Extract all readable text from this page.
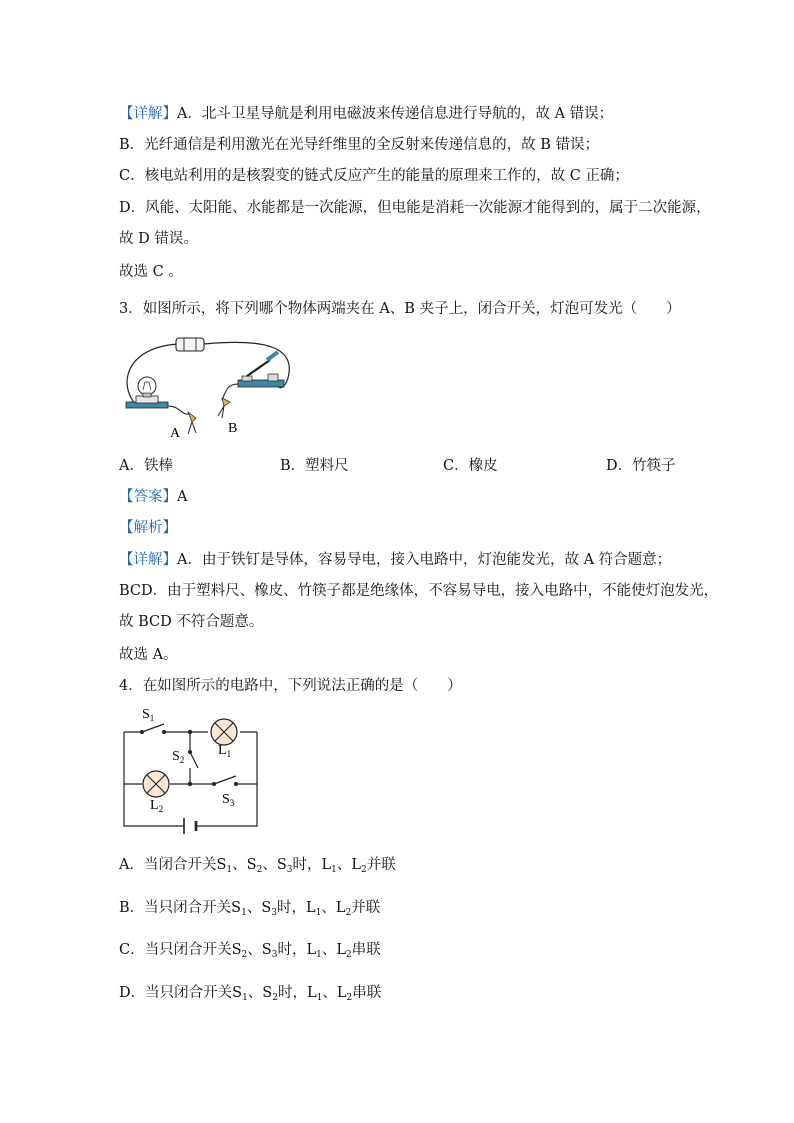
【详解】A．北斗卫星导航是利用电磁波来传递信息进行导航的，故 A 错误；
B．光纤通信是利用激光在光导纤维里的全反射来传递信息的，故 B 错误；
C．核电站利用的是核裂变的链式反应产生的能量的原理来工作的，故 C 正确；
D．风能、太阳能、水能都是一次能源，但电能是消耗一次能源才能得到的，属于二次能源，
故 D 错误。
故选 C 。
3．如图所示，将下列哪个物体两端夹在 A、B 夹子上，闭合开关，灯泡可发光（　　）
A	B
A．铁棒	B．塑料尺	C．橡皮	D．竹筷子
【答案】A
【解析】
【详解】A．由于铁钉是导体，容易导电，接入电路中，灯泡能发光，故 A 符合题意；
BCD．由于塑料尺、橡皮、竹筷子都是绝缘体，不容易导电，接入电路中，不能使灯泡发光，
故 BCD 不符合题意。
故选 A。
4．在如图所示的电路中，下列说法正确的是（　　）
$S_1$
$L_1$
$S_2$
$L_2$
$S_3$
A．当闭合开关$S_1$、$S_2$、$S_3$时，$L_1$、$L_2$并联
B．当只闭合开关$S_1$、$S_3$时，$L_1$、$L_2$并联
C．当只闭合开关$S_2$、$S_3$时，$L_1$、$L_2$串联
D．当只闭合开关$S_1$、$S_2$时，$L_1$、$L_2$串联
